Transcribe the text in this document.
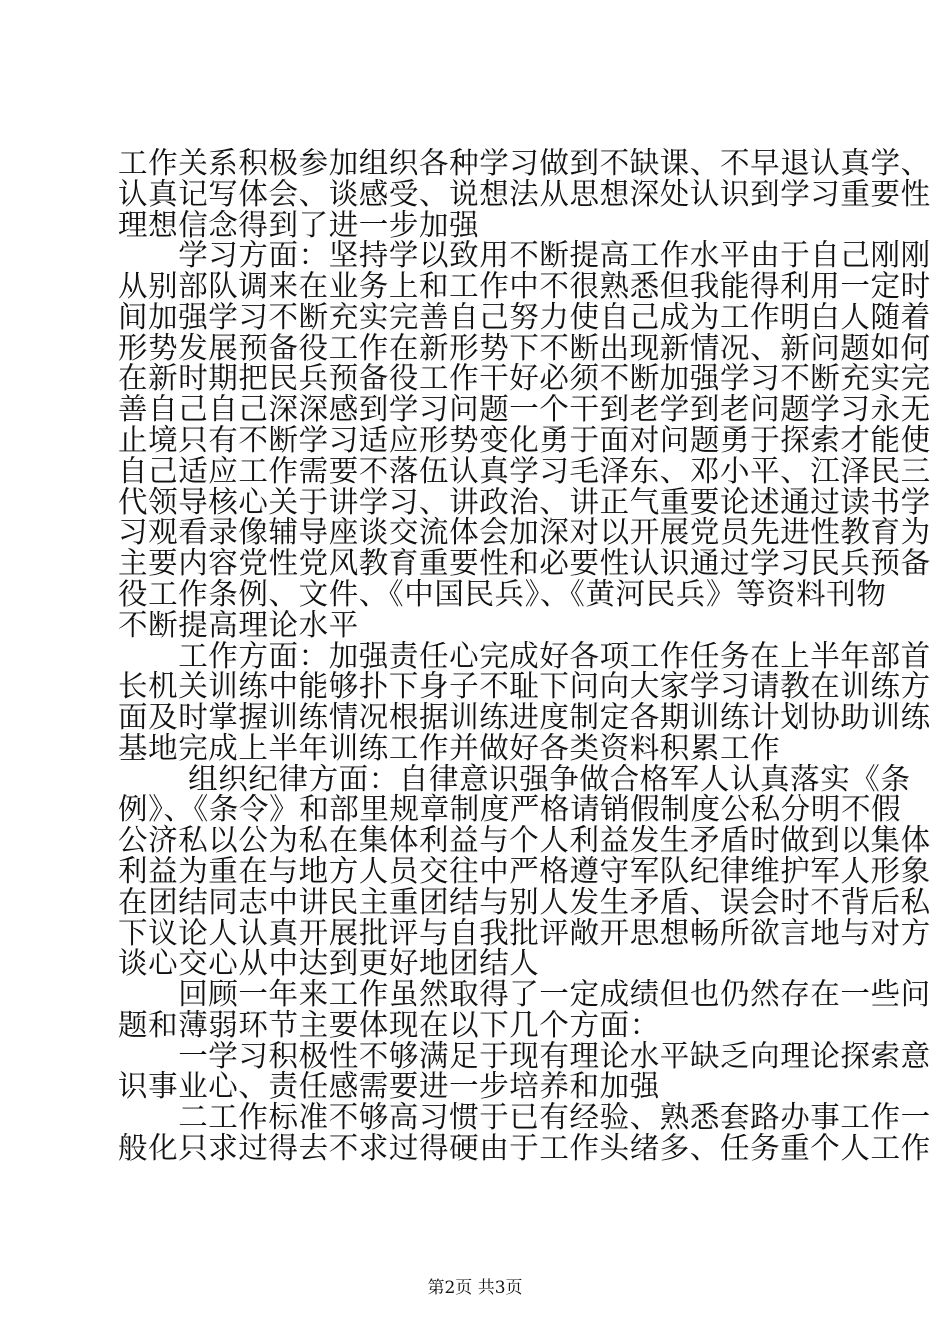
工作关系积极参加组织各种学习做到不缺课、不早退认真学、
认真记写体会、谈感受、说想法从思想深处认识到学习重要性
理想信念得到了进一步加强
　　学习方面：坚持学以致用不断提高工作水平由于自己刚刚
从别部队调来在业务上和工作中不很熟悉但我能得利用一定时
间加强学习不断充实完善自己努力使自己成为工作明白人随着
形势发展预备役工作在新形势下不断出现新情况、新问题如何
在新时期把民兵预备役工作干好必须不断加强学习不断充实完
善自己自己深深感到学习问题一个干到老学到老问题学习永无
止境只有不断学习适应形势变化勇于面对问题勇于探索才能使
自己适应工作需要不落伍认真学习毛泽东、邓小平、江泽民三
代领导核心关于讲学习、讲政治、讲正气重要论述通过读书学
习观看录像辅导座谈交流体会加深对以开展党员先进性教育为
主要内容党性党风教育重要性和必要性认识通过学习民兵预备
役工作条例、文件、《中国民兵》、《黄河民兵》等资料刊物
不断提高理论水平
　　工作方面：加强责任心完成好各项工作任务在上半年部首
长机关训练中能够扑下身子不耻下问向大家学习请教在训练方
面及时掌握训练情况根据训练进度制定各期训练计划协助训练
基地完成上半年训练工作并做好各类资料积累工作
　　 组织纪律方面：自律意识强争做合格军人认真落实《条
例》、《条令》和部里规章制度严格请销假制度公私分明不假
公济私以公为私在集体利益与个人利益发生矛盾时做到以集体
利益为重在与地方人员交往中严格遵守军队纪律维护军人形象
在团结同志中讲民主重团结与别人发生矛盾、误会时不背后私
下议论人认真开展批评与自我批评敞开思想畅所欲言地与对方
谈心交心从中达到更好地团结人
　　回顾一年来工作虽然取得了一定成绩但也仍然存在一些问
题和薄弱环节主要体现在以下几个方面：
　　一学习积极性不够满足于现有理论水平缺乏向理论探索意
识事业心、责任感需要进一步培养和加强
　　二工作标准不够高习惯于已有经验、熟悉套路办事工作一
般化只求过得去不求过得硬由于工作头绪多、任务重个人工作
第2页 共3页
